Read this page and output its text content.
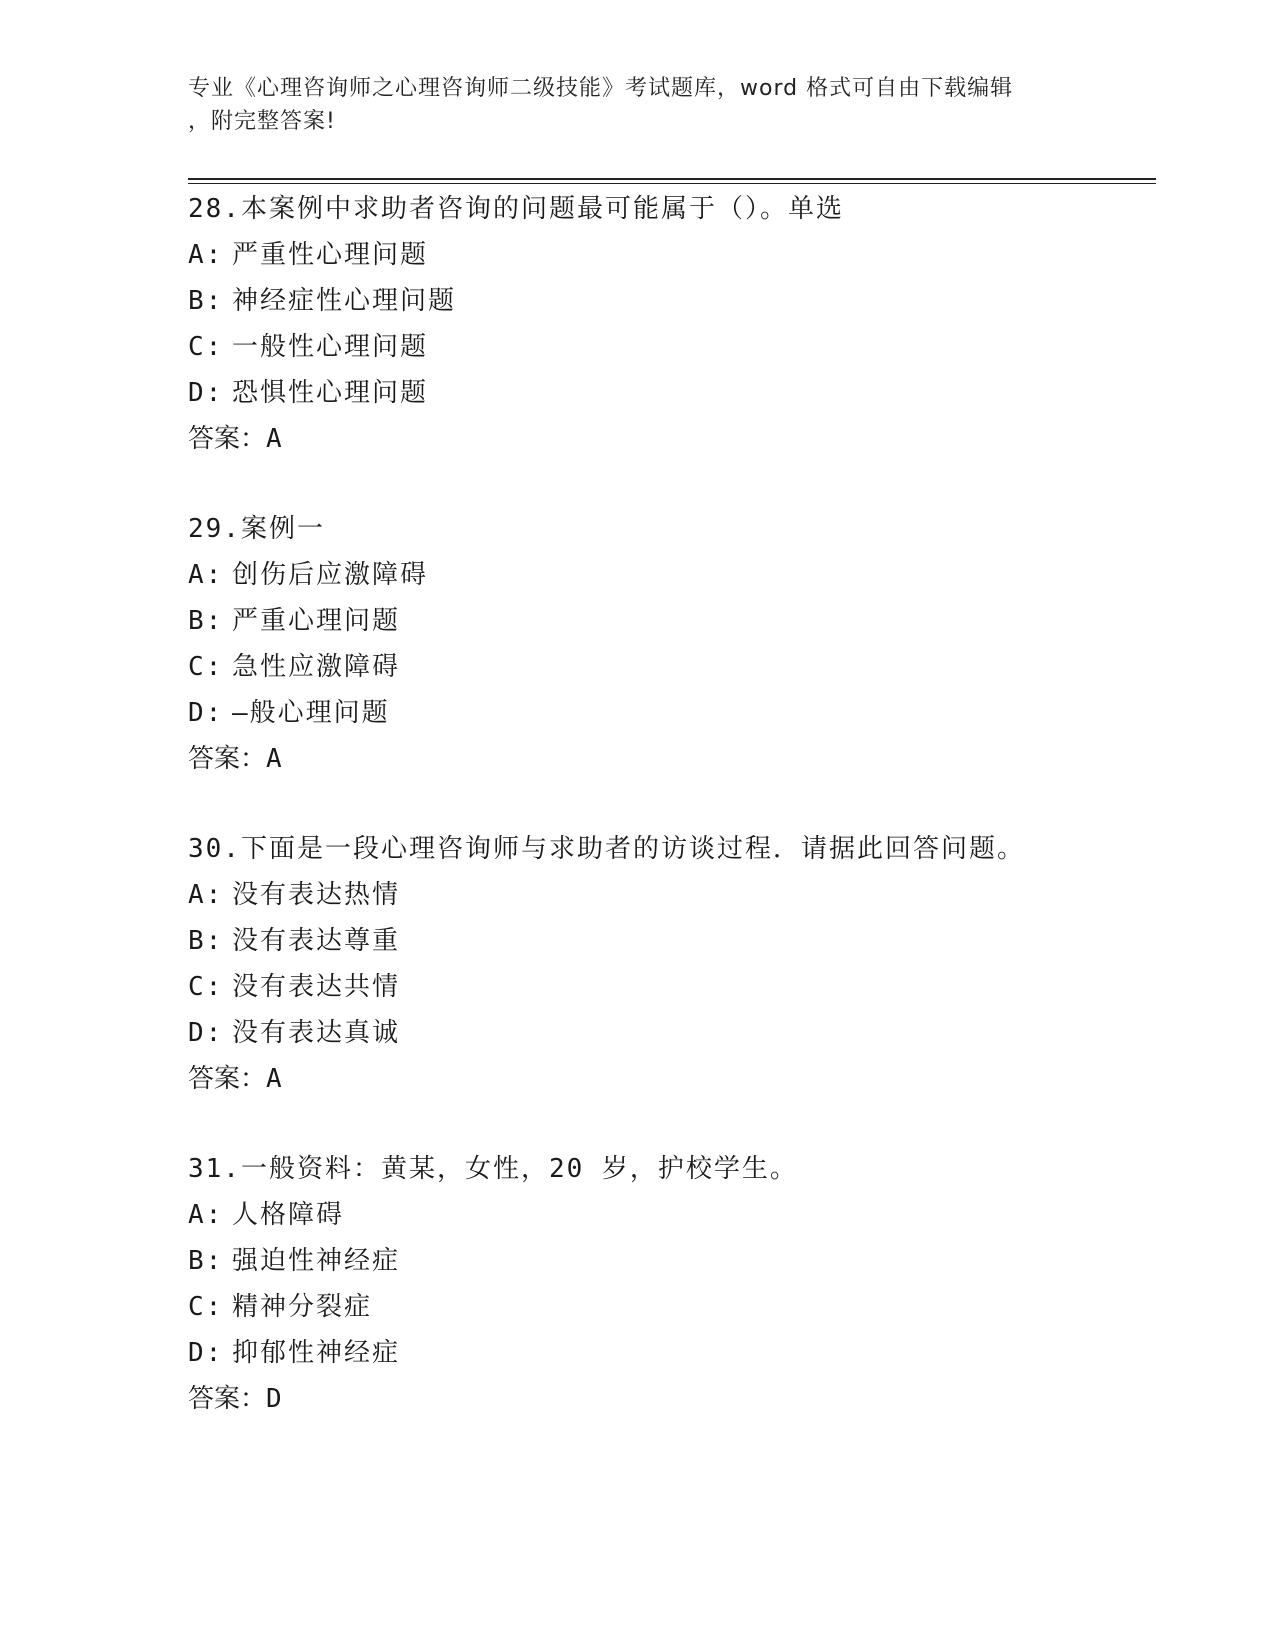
专业《心理咨询师之心理咨询师二级技能》考试题库，word 格式可自由下载编辑
，附完整答案!
28.本案例中求助者咨询的问题最可能属于（）。单选
A: 严重性心理问题
B: 神经症性心理问题
C: 一般性心理问题
D: 恐惧性心理问题
答案：A
29.案例一
A: 创伤后应激障碍
B: 严重心理问题
C: 急性应激障碍
D: —般心理问题
答案：A
30.下面是一段心理咨询师与求助者的访谈过程．请据此回答问题。
A: 没有表达热情
B: 没有表达尊重
C: 没有表达共情
D: 没有表达真诚
答案：A
31.一般资料：黄某，女性，20 岁，护校学生。
A: 人格障碍
B: 强迫性神经症
C: 精神分裂症
D: 抑郁性神经症
答案：D
